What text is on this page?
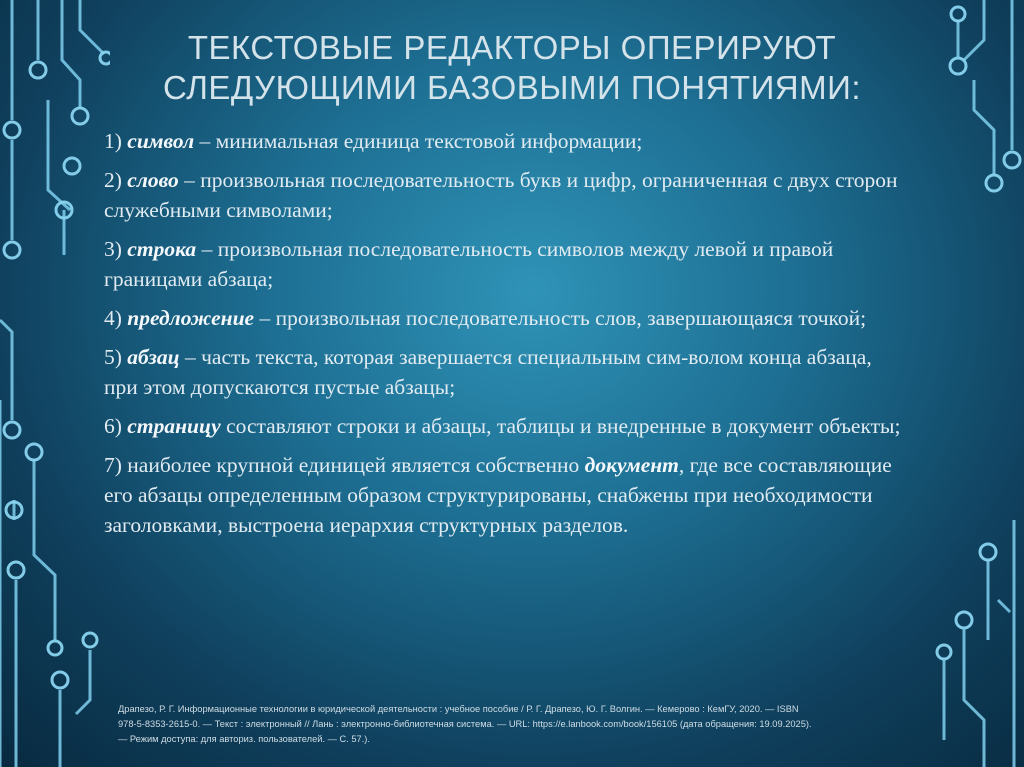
ТЕКСТОВЫЕ РЕДАКТОРЫ ОПЕРИРУЮТ
СЛЕДУЮЩИМИ БАЗОВЫМИ ПОНЯТИЯМИ:
1) символ – минимальная единица текстовой информации;
2) слово – произвольная последовательность букв и цифр, ограниченная с двух сторон служебными символами;
3) строка – произвольная последовательность символов между левой и правой границами абзаца;
4) предложение – произвольная последовательность слов, завершающаяся точкой;
5) абзац – часть текста, которая завершается специальным сим-волом конца абзаца, при этом допускаются пустые абзацы;
6) страницу составляют строки и абзацы, таблицы и внедренные в документ объекты;
7) наиболее крупной единицей является собственно документ, где все составляющие его абзацы определенным образом структурированы, снабжены при необходимости заголовками, выстроена иерархия структурных разделов.
Драпезо, Р. Г. Информационные технологии в юридической деятельности : учебное пособие / Р. Г. Драпезо, Ю. Г. Волгин. — Кемерово : КемГУ, 2020. — ISBN
978-5-8353-2615-0. — Текст : электронный // Лань : электронно-библиотечная система. — URL: https://e.lanbook.com/book/156105 (дата обращения: 19.09.2025).
— Режим доступа: для авториз. пользователей. — С. 57.).
